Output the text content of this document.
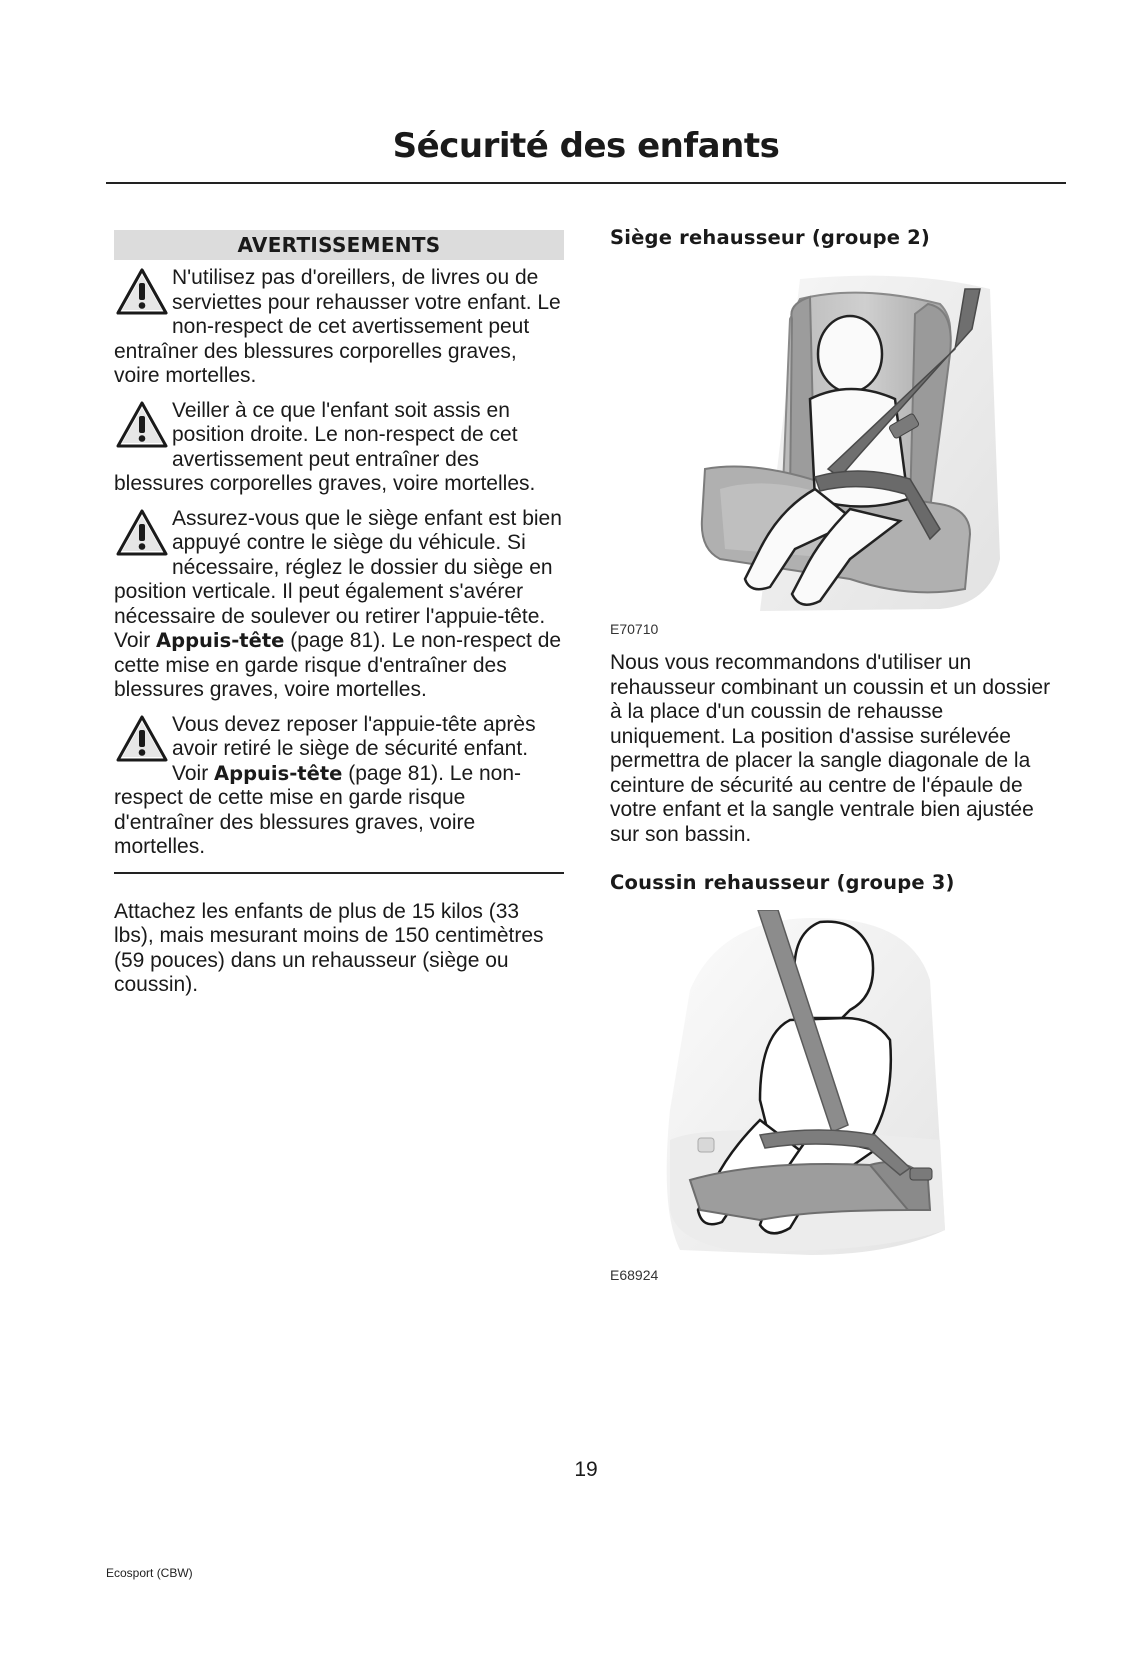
Sécurité des enfants
AVERTISSEMENTS
N'utilisez pas d'oreillers, de livres ou de serviettes pour rehausser votre enfant. Le non-respect de cet avertissement peut entraîner des blessures corporelles graves, voire mortelles.
Veiller à ce que l'enfant soit assis en position droite. Le non-respect de cet avertissement peut entraîner des blessures corporelles graves, voire mortelles.
Assurez-vous que le siège enfant est bien appuyé contre le siège du véhicule. Si nécessaire, réglez le dossier du siège en position verticale. Il peut également s'avérer nécessaire de soulever ou retirer l'appuie-tête. Voir Appuis-tête (page 81). Le non-respect de cette mise en garde risque d'entraîner des blessures graves, voire mortelles.
Vous devez reposer l'appuie-tête après avoir retiré le siège de sécurité enfant. Voir Appuis-tête (page 81). Le non-respect de cette mise en garde risque d'entraîner des blessures graves, voire mortelles.
Attachez les enfants de plus de 15 kilos (33 lbs), mais mesurant moins de 150 centimètres (59 pouces) dans un rehausseur (siège ou coussin).
Siège rehausseur (groupe 2)
E70710
Nous vous recommandons d'utiliser un rehausseur combinant un coussin et un dossier à la place d'un coussin de rehausse uniquement. La position d'assise surélevée permettra de placer la sangle diagonale de la ceinture de sécurité au centre de l'épaule de votre enfant et la sangle ventrale bien ajustée sur son bassin.
Coussin rehausseur (groupe 3)
E68924
19
Ecosport (CBW)
